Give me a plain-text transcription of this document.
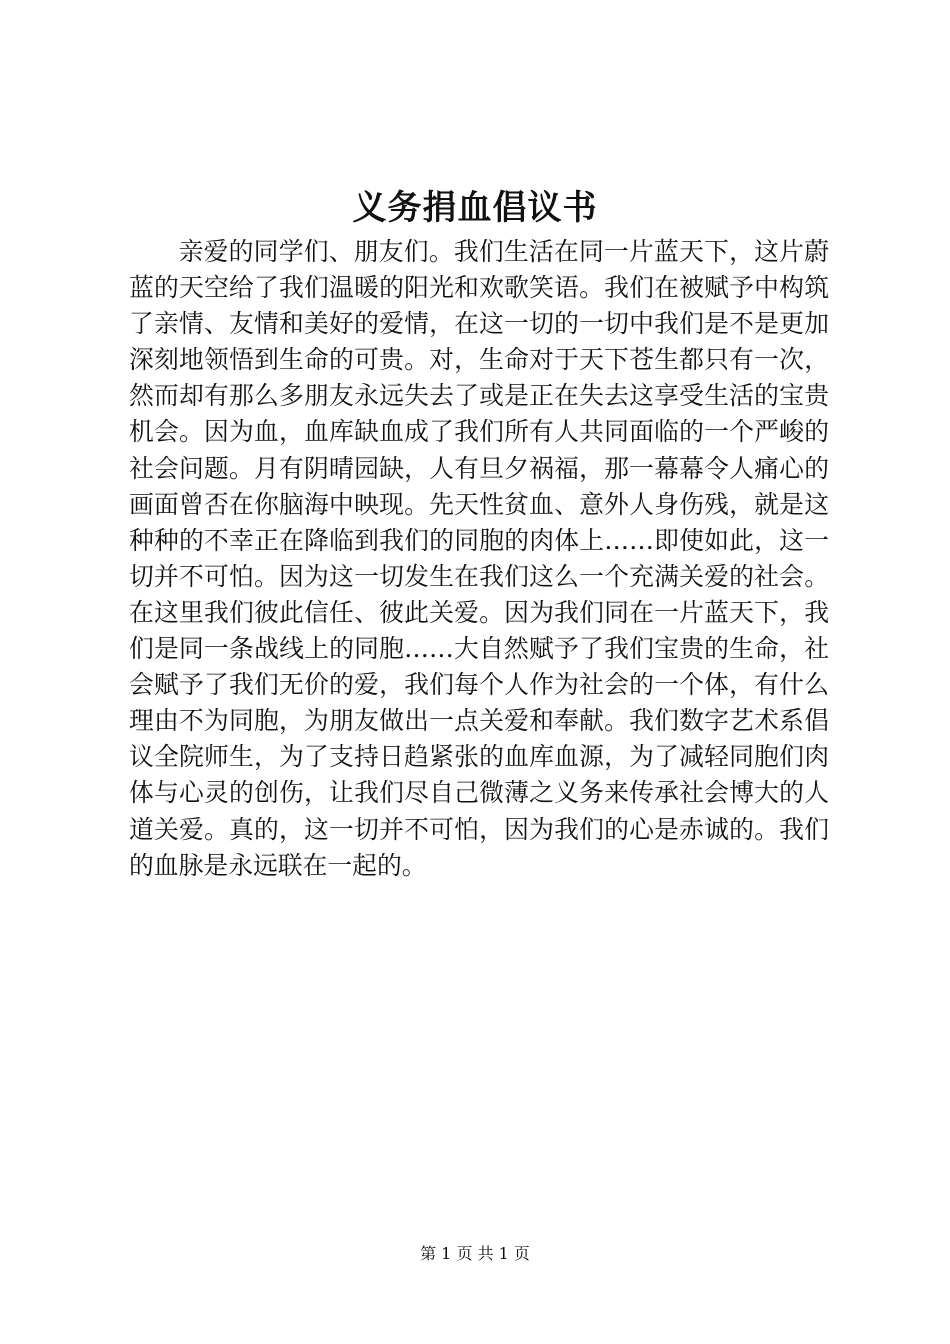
义务捐血倡议书

亲爱的同学们、朋友们。我们生活在同一片蓝天下，这片蔚蓝的天空给了我们温暖的阳光和欢歌笑语。我们在被赋予中构筑了亲情、友情和美好的爱情，在这一切的一切中我们是不是更加深刻地领悟到生命的可贵。对，生命对于天下苍生都只有一次，然而却有那么多朋友永远失去了或是正在失去这享受生活的宝贵机会。因为血，血库缺血成了我们所有人共同面临的一个严峻的社会问题。月有阴晴园缺，人有旦夕祸福，那一幕幕令人痛心的画面曾否在你脑海中映现。先天性贫血、意外人身伤残，就是这种种的不幸正在降临到我们的同胞的肉体上……即使如此，这一切并不可怕。因为这一切发生在我们这么一个充满关爱的社会。在这里我们彼此信任、彼此关爱。因为我们同在一片蓝天下，我们是同一条战线上的同胞……大自然赋予了我们宝贵的生命，社会赋予了我们无价的爱，我们每个人作为社会的一个体，有什么理由不为同胞，为朋友做出一点关爱和奉献。我们数字艺术系倡议全院师生，为了支持日趋紧张的血库血源，为了减轻同胞们肉体与心灵的创伤，让我们尽自己微薄之义务来传承社会博大的人道关爱。真的，这一切并不可怕，因为我们的心是赤诚的。我们的血脉是永远联在一起的。

第 1 页 共 1 页
